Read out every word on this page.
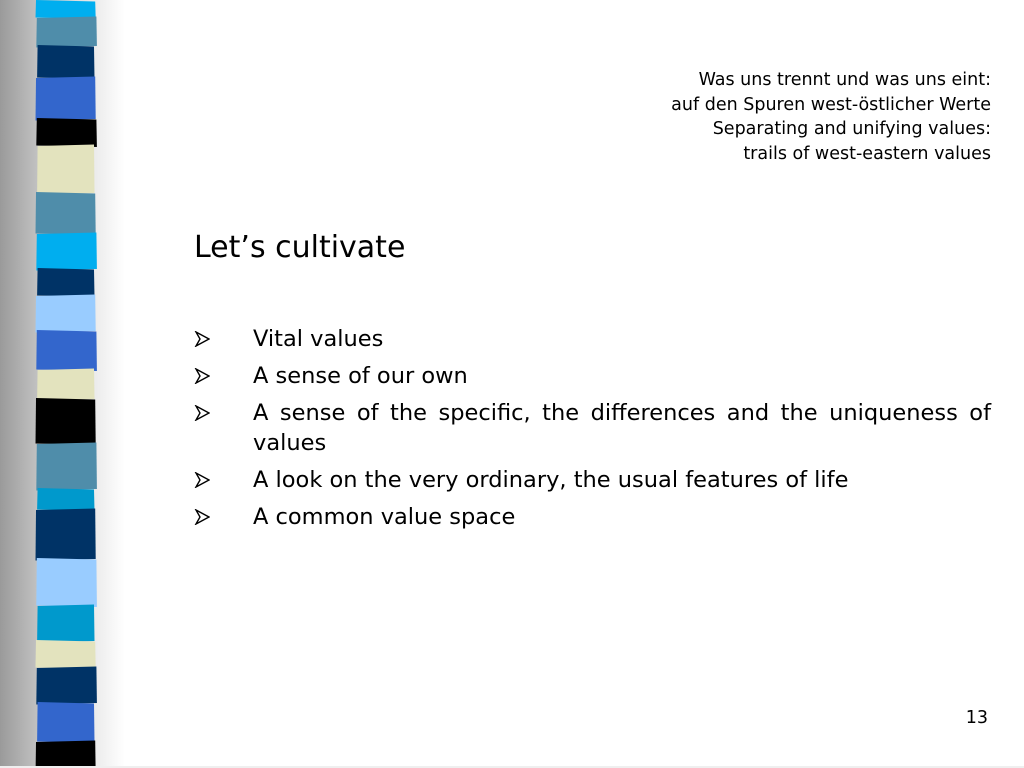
Was uns trennt und was uns eint:
auf den Spuren west-östlicher Werte
Separating and unifying values:
trails of west-eastern values
Let’s cultivate
Vital values
A sense of our own
A sense of the specific, the differences and the uniqueness of values
A look on the very ordinary, the usual features of life
A common value space
13
